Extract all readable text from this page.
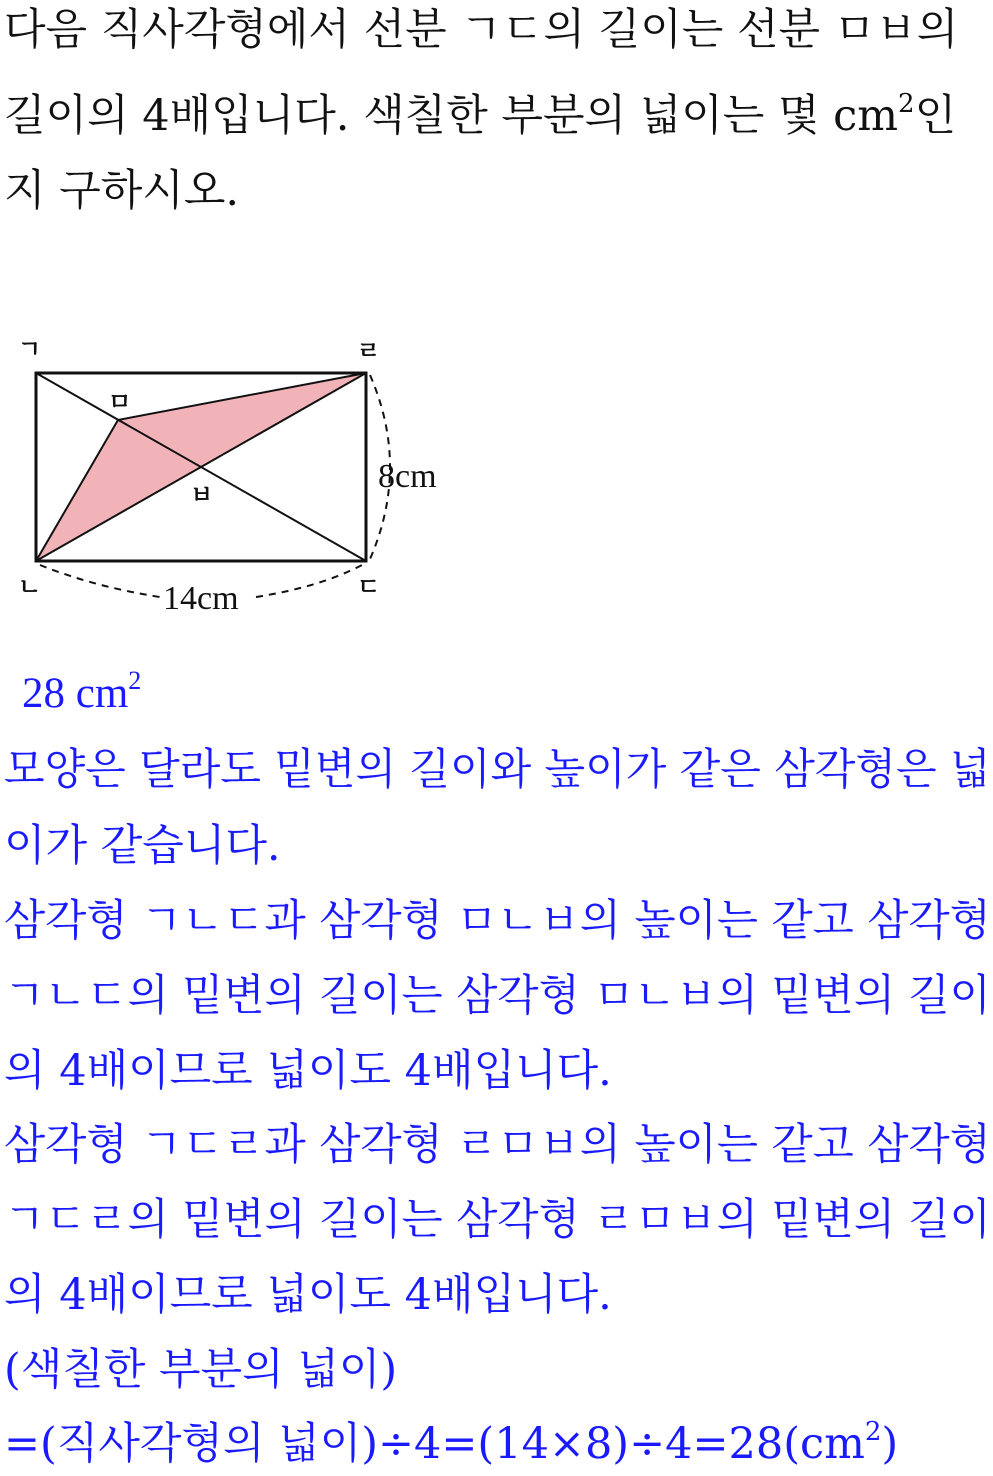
다음 직사각형에서 선분 ㄱㄷ의 길이는 선분 ㅁㅂ의
길이의 4배입니다. 색칠한 부분의 넓이는 몇 $cm^2$인
지 구하시오.
ㄱ	ㄹ
ㄴ	ㄷ
ㅁ
ㅂ	8cm
14cm
28 $cm^2$
모양은 달라도 밑변의 길이와 높이가 같은 삼각형은 넓
이가 같습니다.
삼각형 ㄱㄴㄷ과 삼각형 ㅁㄴㅂ의 높이는 같고 삼각형
ㄱㄴㄷ의 밑변의 길이는 삼각형 ㅁㄴㅂ의 밑변의 길이
의 4배이므로 넓이도 4배입니다.
삼각형 ㄱㄷㄹ과 삼각형 ㄹㅁㅂ의 높이는 같고 삼각형
ㄱㄷㄹ의 밑변의 길이는 삼각형 ㄹㅁㅂ의 밑변의 길이
의 4배이므로 넓이도 4배입니다.
(색칠한 부분의 넓이)
=(직사각형의 넓이)$\div 4=(14\times 8)\div 4=28(cm^2)$
